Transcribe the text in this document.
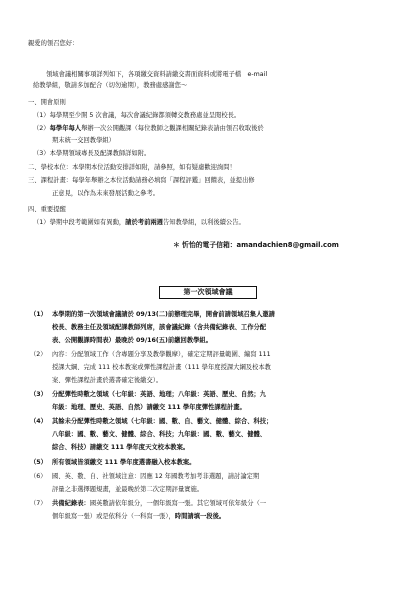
親愛的領召您好：
領域會議相關事項詳列如下，各項繳交資料請繳交書面資料或將電子檔　e-mail
給教學組，敬請多加配合（切勿逾期），教務處感謝您～
一、開會原則
（1）每學期至少開 5 次會議，每次會議紀錄都須轉交教務處並呈閱校長。
（2）每學年每人舉辦一次公開觀課（每位教師之觀課相關紀錄表請由領召收取後於
期末統一交回教學組）
（3）本學期領域專長及配課教師詳如附。
二、學校本位：本學期本位活動安排詳如附，請參照，如有疑慮歡迎詢問！
三、課程計畫：每學年舉辦之本位活動請務必填寫「課程評鑑」回饋表，並提出修
正意見，以作為未來發展活動之參考。
四、重要提醒
（1）學期中段考範圍如有異動，請於考前兩週告知教學組，以利後續公告。
＊ 忻怡的電子信箱：amandachien8@gmail.com
第一次領域會議
（1） 本學期的第一次領域會議請於 09/13(二)前辦理完畢，開會前請領域召集人邀請
校長、教務主任及領域配課教師列席，該會議紀錄（含共備紀錄表、工作分配
表、公開觀課時間表）最晚於 09/16(五)前繳回教學組。
（2） 內容：分配領域工作（含專題分享及教學觀摩），確定定期評量範圍、編寫 111
授課大綱、完成 111 校本教案或彈性課程計畫（111 學年度授課大綱及校本教
案、彈性課程計畫於選書確定後繳交）。
（3） 分配彈性時數之領域（七年級：英語、地理；八年級：英語、歷史、自然；九
年級：地理、歷史、英語、自然）請繳交 111 學年度彈性課程計畫。
（4） 其餘未分配彈性時數之領域（七年級：國、數、自、藝文、健體、綜合、科技；
八年級：國、數、藝文、健體、綜合、科技；九年級：國、數、藝文、健體、
綜合、科技）請繳交 111 學年度天文校本教案。
（5） 所有領域皆須繳交 111 學年度選書融入校本教案。
（6） 國、英、數、自、社領域注意：因應 12 年國教考加考非選題，請討論定期
評量之非選擇題規畫，並最晚於第二次定期評量實施。
（7） 共備紀錄表：國英數請依年級分，一個年級寫一張。其它領域可依年級分（一
個年級寫一張）或是依科分（一科寫一張），時間請填一段後。
